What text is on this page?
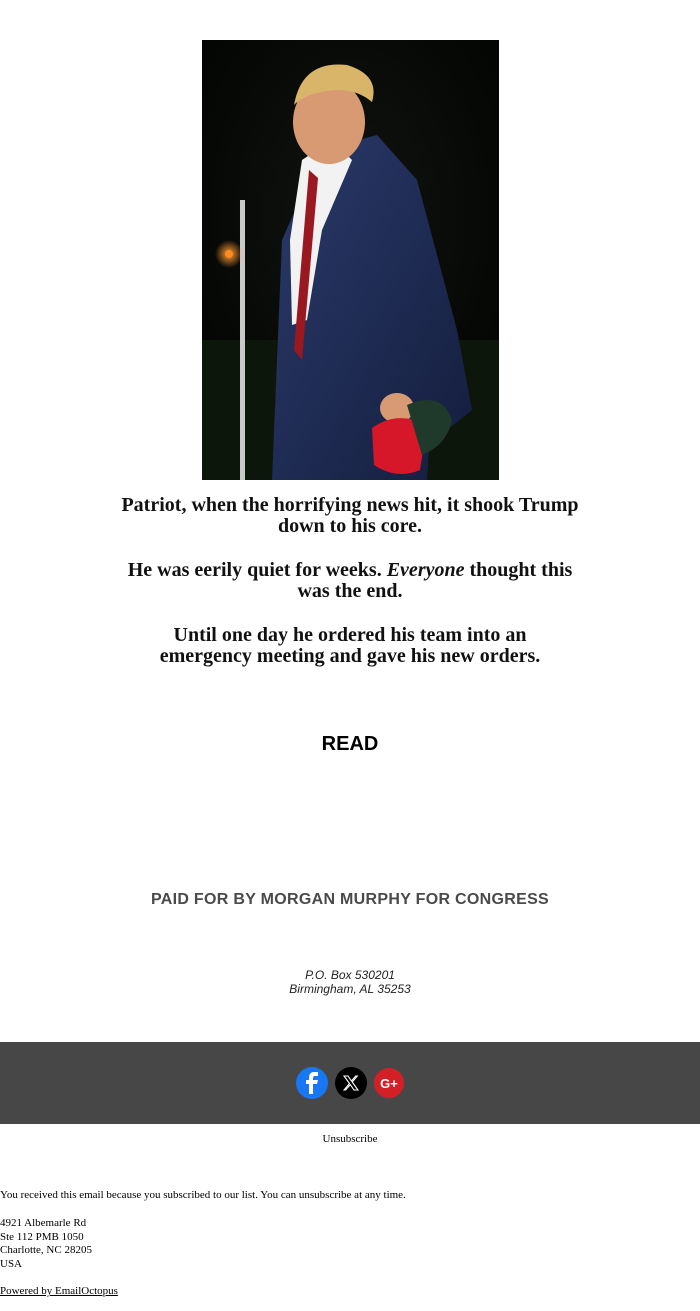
Patriot, when the horrifying news hit, it shook Trump down to his core.
He was eerily quiet for weeks. Everyone thought this was the end.
Until one day he ordered his team into an emergency meeting and gave his new orders.
READ
PAID FOR BY MORGAN MURPHY FOR CONGRESS
P.O. Box 530201
Birmingham, AL 35253
G+
Unsubscribe
You received this email because you subscribed to our list. You can unsubscribe at any time.
4921 Albemarle Rd
Ste 112 PMB 1050
Charlotte, NC 28205
USA
Powered by EmailOctopus
